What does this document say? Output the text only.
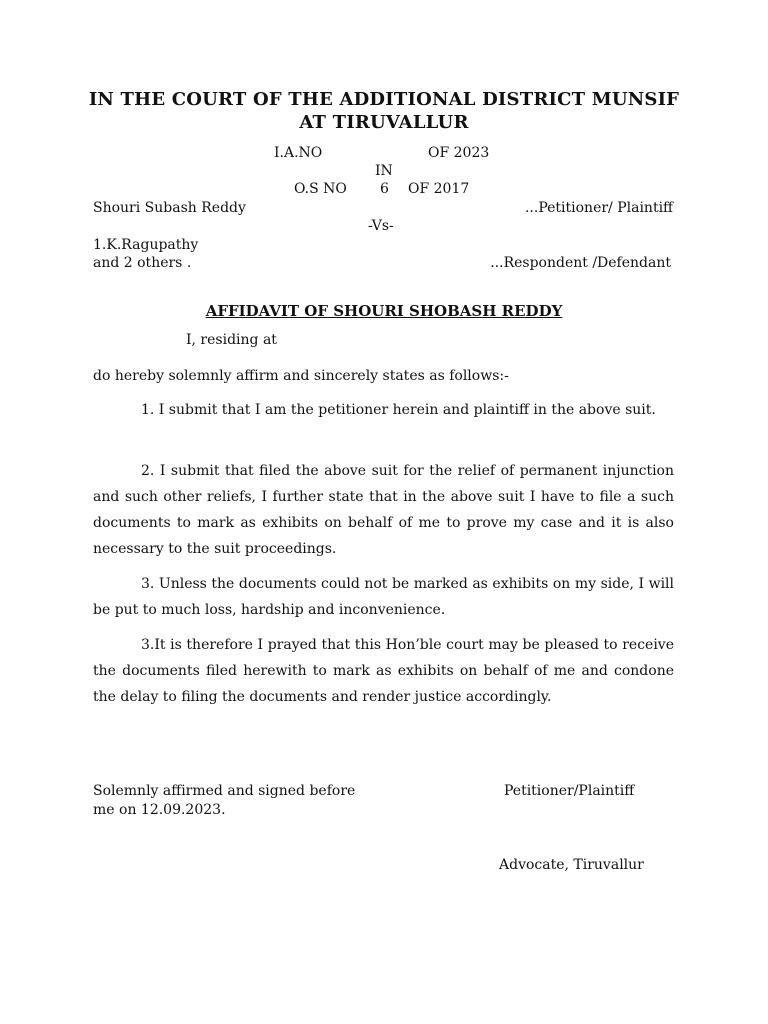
IN THE COURT OF THE ADDITIONAL DISTRICT MUNSIF
AT TIRUVALLUR
I.A.NO	OF 2023
IN
O.S NO 6 OF 2017
Shouri Subash Reddy	...Petitioner/ Plaintiff
-Vs-
1.K.Ragupathy
and 2 others .	...Respondent /Defendant
AFFIDAVIT OF SHOURI SHOBASH REDDY
I, residing at
do hereby solemnly affirm and sincerely states as follows:-
1. I submit that I am the petitioner herein and plaintiff in the above suit.
2. I submit that filed the above suit for the relief of permanent injunction and such other reliefs, I further state that in the above suit I have to file a such documents to mark as exhibits on behalf of me to prove my case and it is also necessary to the suit proceedings.
3. Unless the documents could not be marked as exhibits on my side, I will be put to much loss, hardship and inconvenience.
3.It is therefore I prayed that this Hon’ble court may be pleased to receive the documents filed herewith to mark as exhibits on behalf of me and condone the delay to filing the documents and render justice accordingly.
Solemnly affirmed and signed before
me on 12.09.2023.
Petitioner/Plaintiff
Advocate, Tiruvallur
